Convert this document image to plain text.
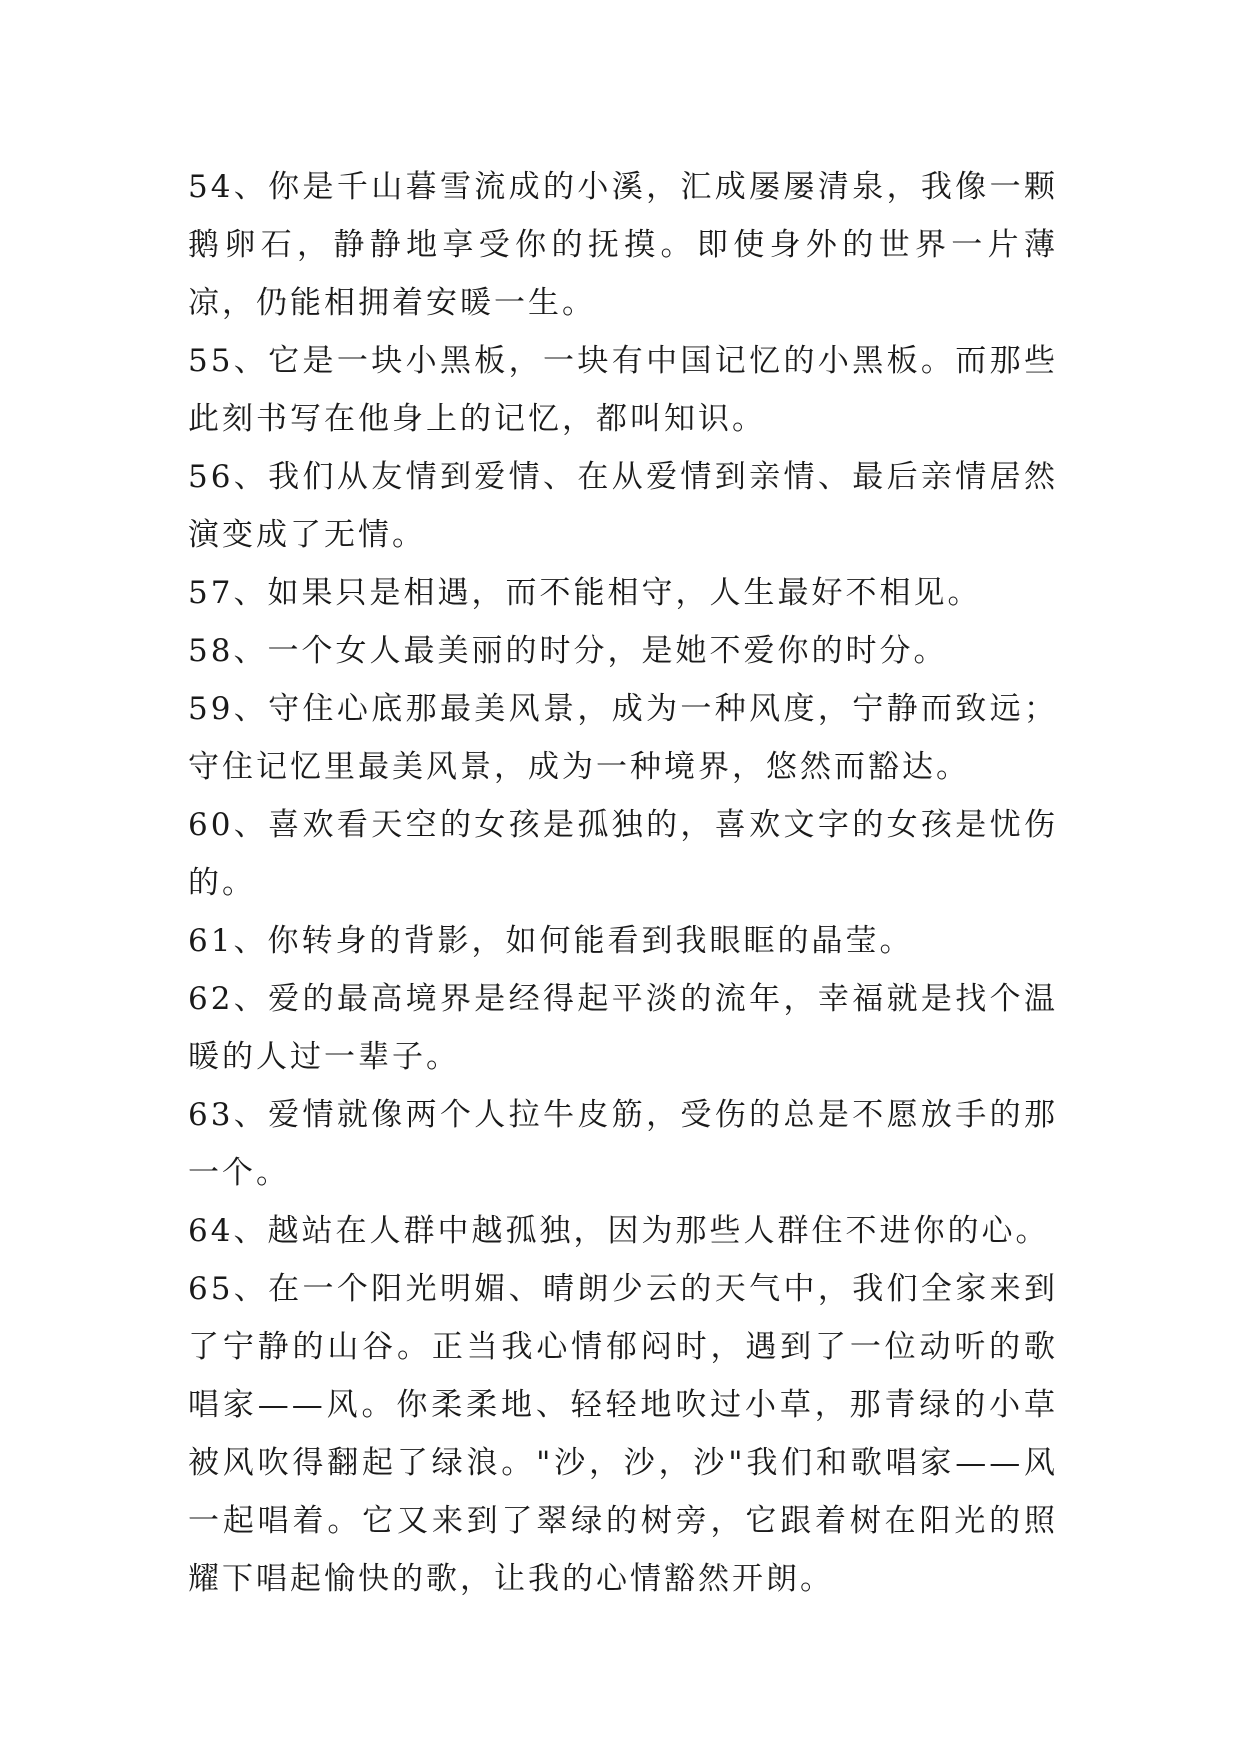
54、你是千山暮雪流成的小溪，汇成屡屡清泉，我像一颗鹅卵石，静静地享受你的抚摸。即使身外的世界一片薄凉，仍能相拥着安暖一生。

55、它是一块小黑板，一块有中国记忆的小黑板。而那些此刻书写在他身上的记忆，都叫知识。

56、我们从友情到爱情、在从爱情到亲情、最后亲情居然演变成了无情。

57、如果只是相遇，而不能相守，人生最好不相见。

58、一个女人最美丽的时分，是她不爱你的时分。

59、守住心底那最美风景，成为一种风度，宁静而致远；守住记忆里最美风景，成为一种境界，悠然而豁达。

60、喜欢看天空的女孩是孤独的，喜欢文字的女孩是忧伤的。

61、你转身的背影，如何能看到我眼眶的晶莹。

62、爱的最高境界是经得起平淡的流年，幸福就是找个温暖的人过一辈子。

63、爱情就像两个人拉牛皮筋，受伤的总是不愿放手的那一个。

64、越站在人群中越孤独，因为那些人群住不进你的心。

65、在一个阳光明媚、晴朗少云的天气中，我们全家来到了宁静的山谷。正当我心情郁闷时，遇到了一位动听的歌唱家——风。你柔柔地、轻轻地吹过小草，那青绿的小草被风吹得翻起了绿浪。"沙，沙，沙"我们和歌唱家——风一起唱着。它又来到了翠绿的树旁，它跟着树在阳光的照耀下唱起愉快的歌，让我的心情豁然开朗。
